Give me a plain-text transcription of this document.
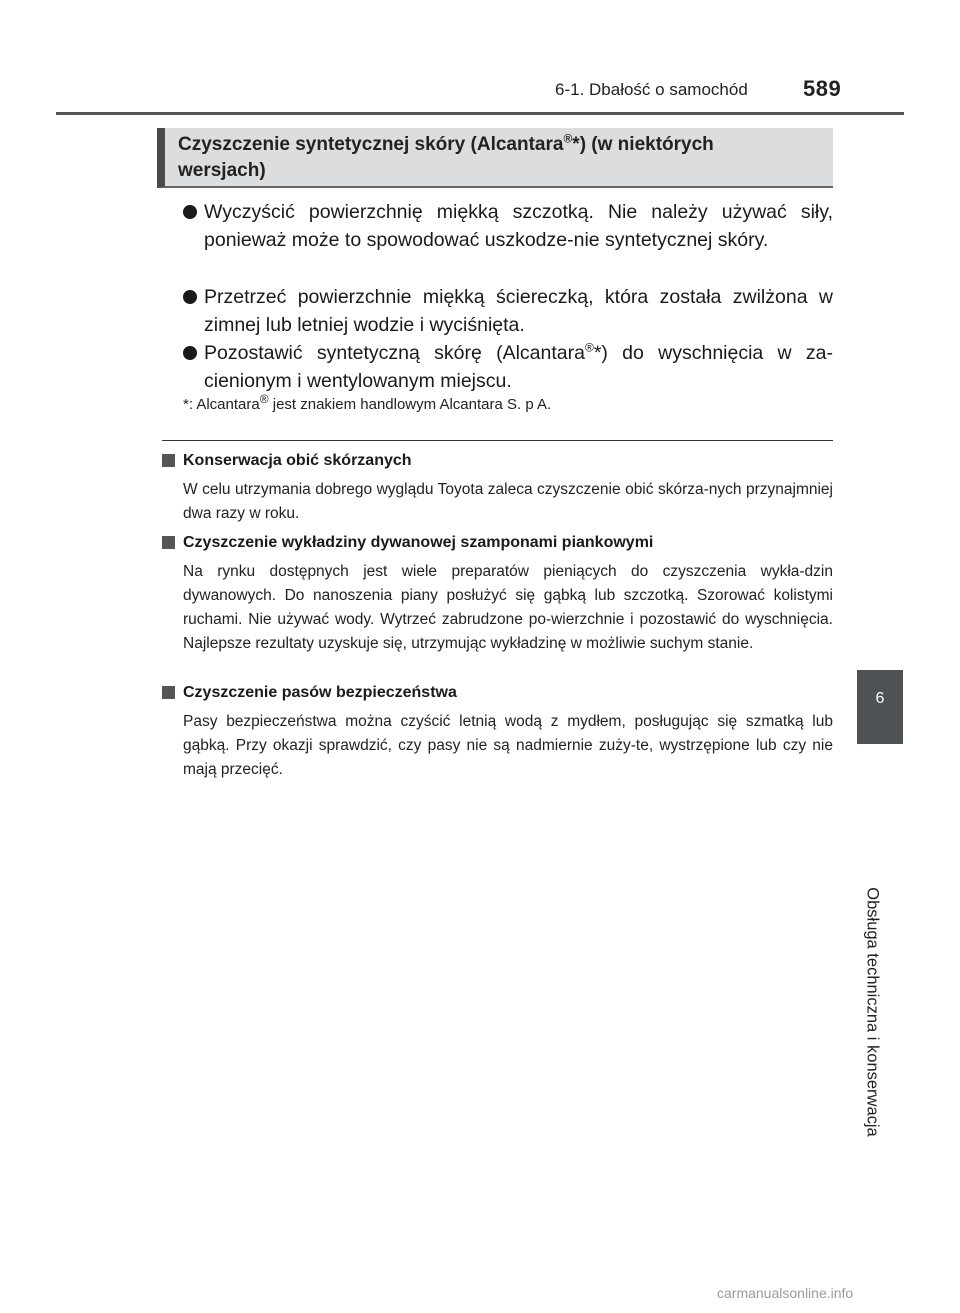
6-1. Dbałość o samochód	589
Czyszczenie syntetycznej skóry (Alcantara®*) (w niektórych
wersjach)
Wyczyścić powierzchnię miękką szczotką. Nie należy używać siły, ponieważ może to spowodować uszkodze-nie syntetycznej skóry.
Przetrzeć powierzchnie miękką ściereczką, która została zwilżona w zimnej lub letniej wodzie i wyciśnięta.
Pozostawić syntetyczną skórę (Alcantara®*) do wyschnięcia w za-cienionym i wentylowanym miejscu.
*: Alcantara® jest znakiem handlowym Alcantara S. p A.
Konserwacja obić skórzanych
W celu utrzymania dobrego wyglądu Toyota zaleca czyszczenie obić skórza-nych przynajmniej dwa razy w roku.
Czyszczenie wykładziny dywanowej szamponami piankowymi
Na rynku dostępnych jest wiele preparatów pieniących do czyszczenia wykła-dzin dywanowych. Do nanoszenia piany posłużyć się gąbką lub szczotką. Szorować kolistymi ruchami. Nie używać wody. Wytrzeć zabrudzone po-wierzchnie i pozostawić do wyschnięcia. Najlepsze rezultaty uzyskuje się, utrzymując wykładzinę w możliwie suchym stanie.
Czyszczenie pasów bezpieczeństwa
Pasy bezpieczeństwa można czyścić letnią wodą z mydłem, posługując się szmatką lub gąbką. Przy okazji sprawdzić, czy pasy nie są nadmiernie zuży-te, wystrzępione lub czy nie mają przecięć.
6
Obsługa techniczna i konserwacja
carmanualsonline.info
